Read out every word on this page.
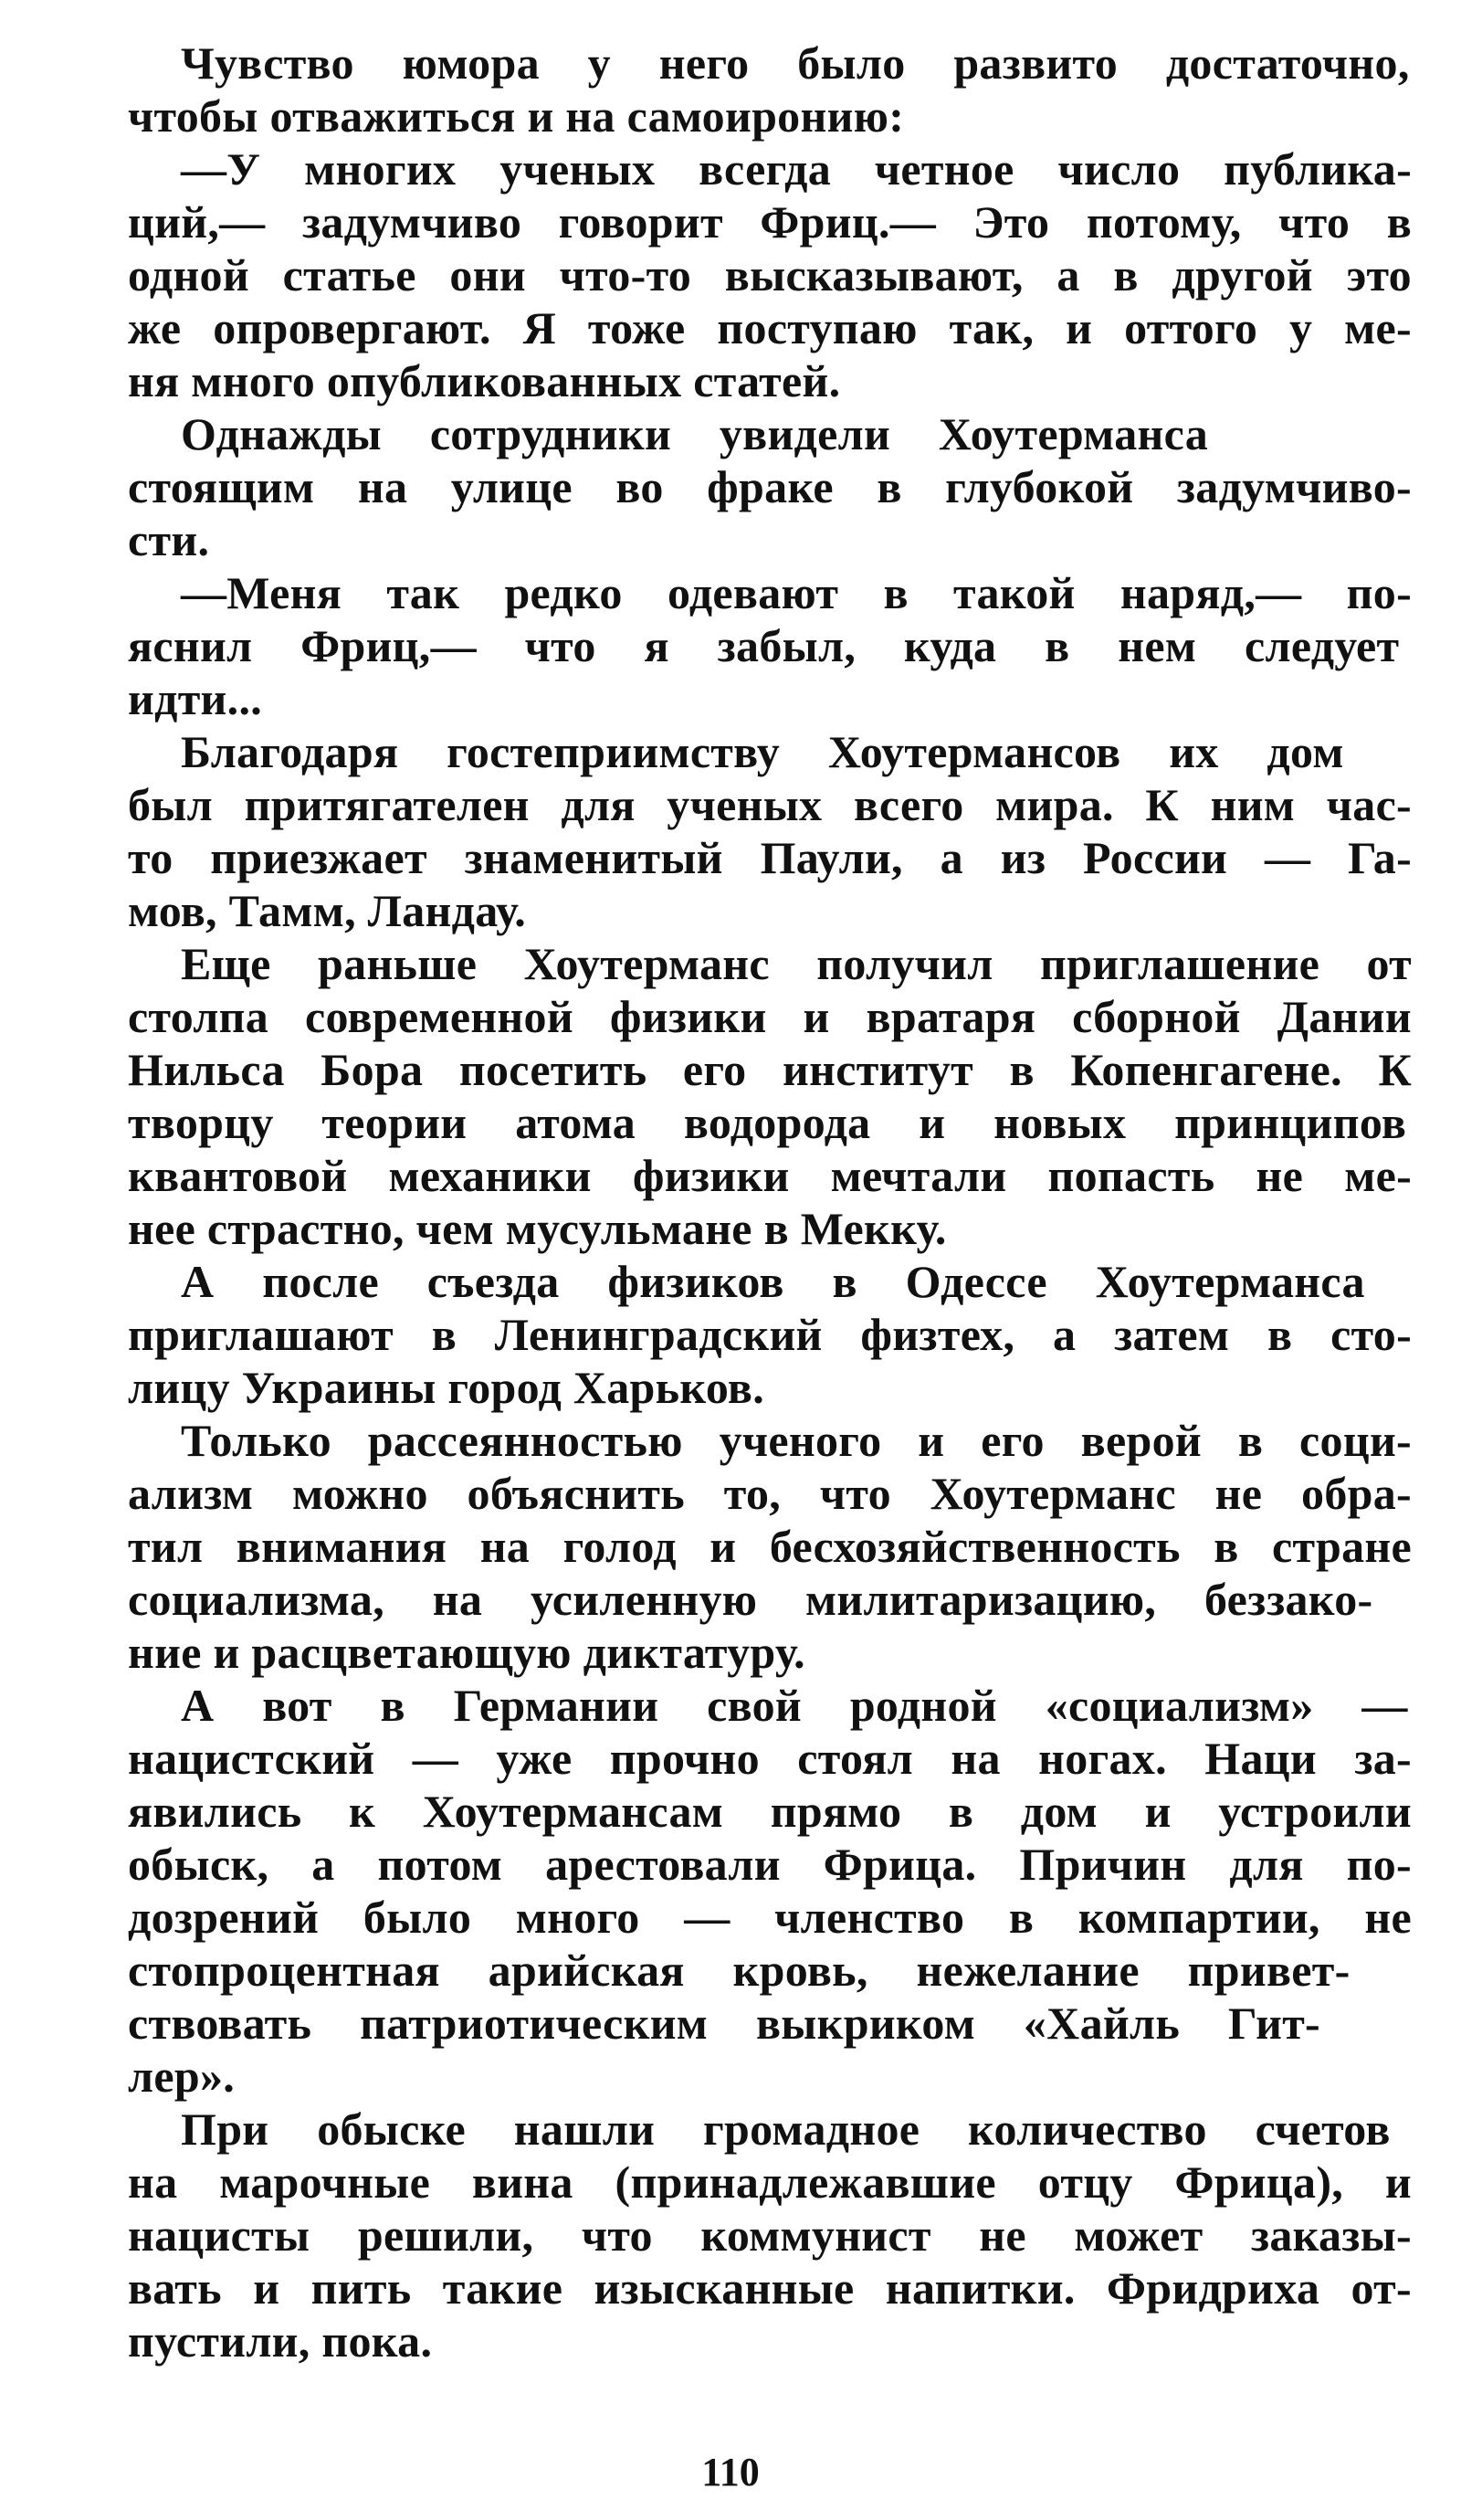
Чувство юмора у него было развито достаточно,
чтобы отважиться и на самоиронию:
—У многих ученых всегда четное число публика-
ций,— задумчиво говорит Фриц.— Это потому, что в
одной статье они что-то высказывают, а в другой это
же опровергают. Я тоже поступаю так, и оттого у ме-
ня много опубликованных статей.
Однажды сотрудники увидели Хоутерманса
стоящим на улице во фраке в глубокой задумчиво-
сти.
—Меня так редко одевают в такой наряд,— по-
яснил Фриц,— что я забыл, куда в нем следует
идти...
Благодаря гостеприимству Хоутермансов их дом
был притягателен для ученых всего мира. К ним час-
то приезжает знаменитый Паули, а из России — Га-
мов, Тамм, Ландау.
Еще раньше Хоутерманс получил приглашение от
столпа современной физики и вратаря сборной Дании
Нильса Бора посетить его институт в Копенгагене. К
творцу теории атома водорода и новых принципов
квантовой механики физики мечтали попасть не ме-
нее страстно, чем мусульмане в Мекку.
А после съезда физиков в Одессе Хоутерманса
приглашают в Ленинградский физтех, а затем в сто-
лицу Украины город Харьков.
Только рассеянностью ученого и его верой в соци-
ализм можно объяснить то, что Хоутерманс не обра-
тил внимания на голод и бесхозяйственность в стране
социализма, на усиленную милитаризацию, беззако-
ние и расцветающую диктатуру.
А вот в Германии свой родной «социализм» —
нацистский — уже прочно стоял на ногах. Наци за-
явились к Хоутермансам прямо в дом и устроили
обыск, а потом арестовали Фрица. Причин для по-
дозрений было много — членство в компартии, не
стопроцентная арийская кровь, нежелание привет-
ствовать патриотическим выкриком «Хайль Гит-
лер».
При обыске нашли громадное количество счетов
на марочные вина (принадлежавшие отцу Фрица), и
нацисты решили, что коммунист не может заказы-
вать и пить такие изысканные напитки. Фридриха от-
пустили, пока.
110
